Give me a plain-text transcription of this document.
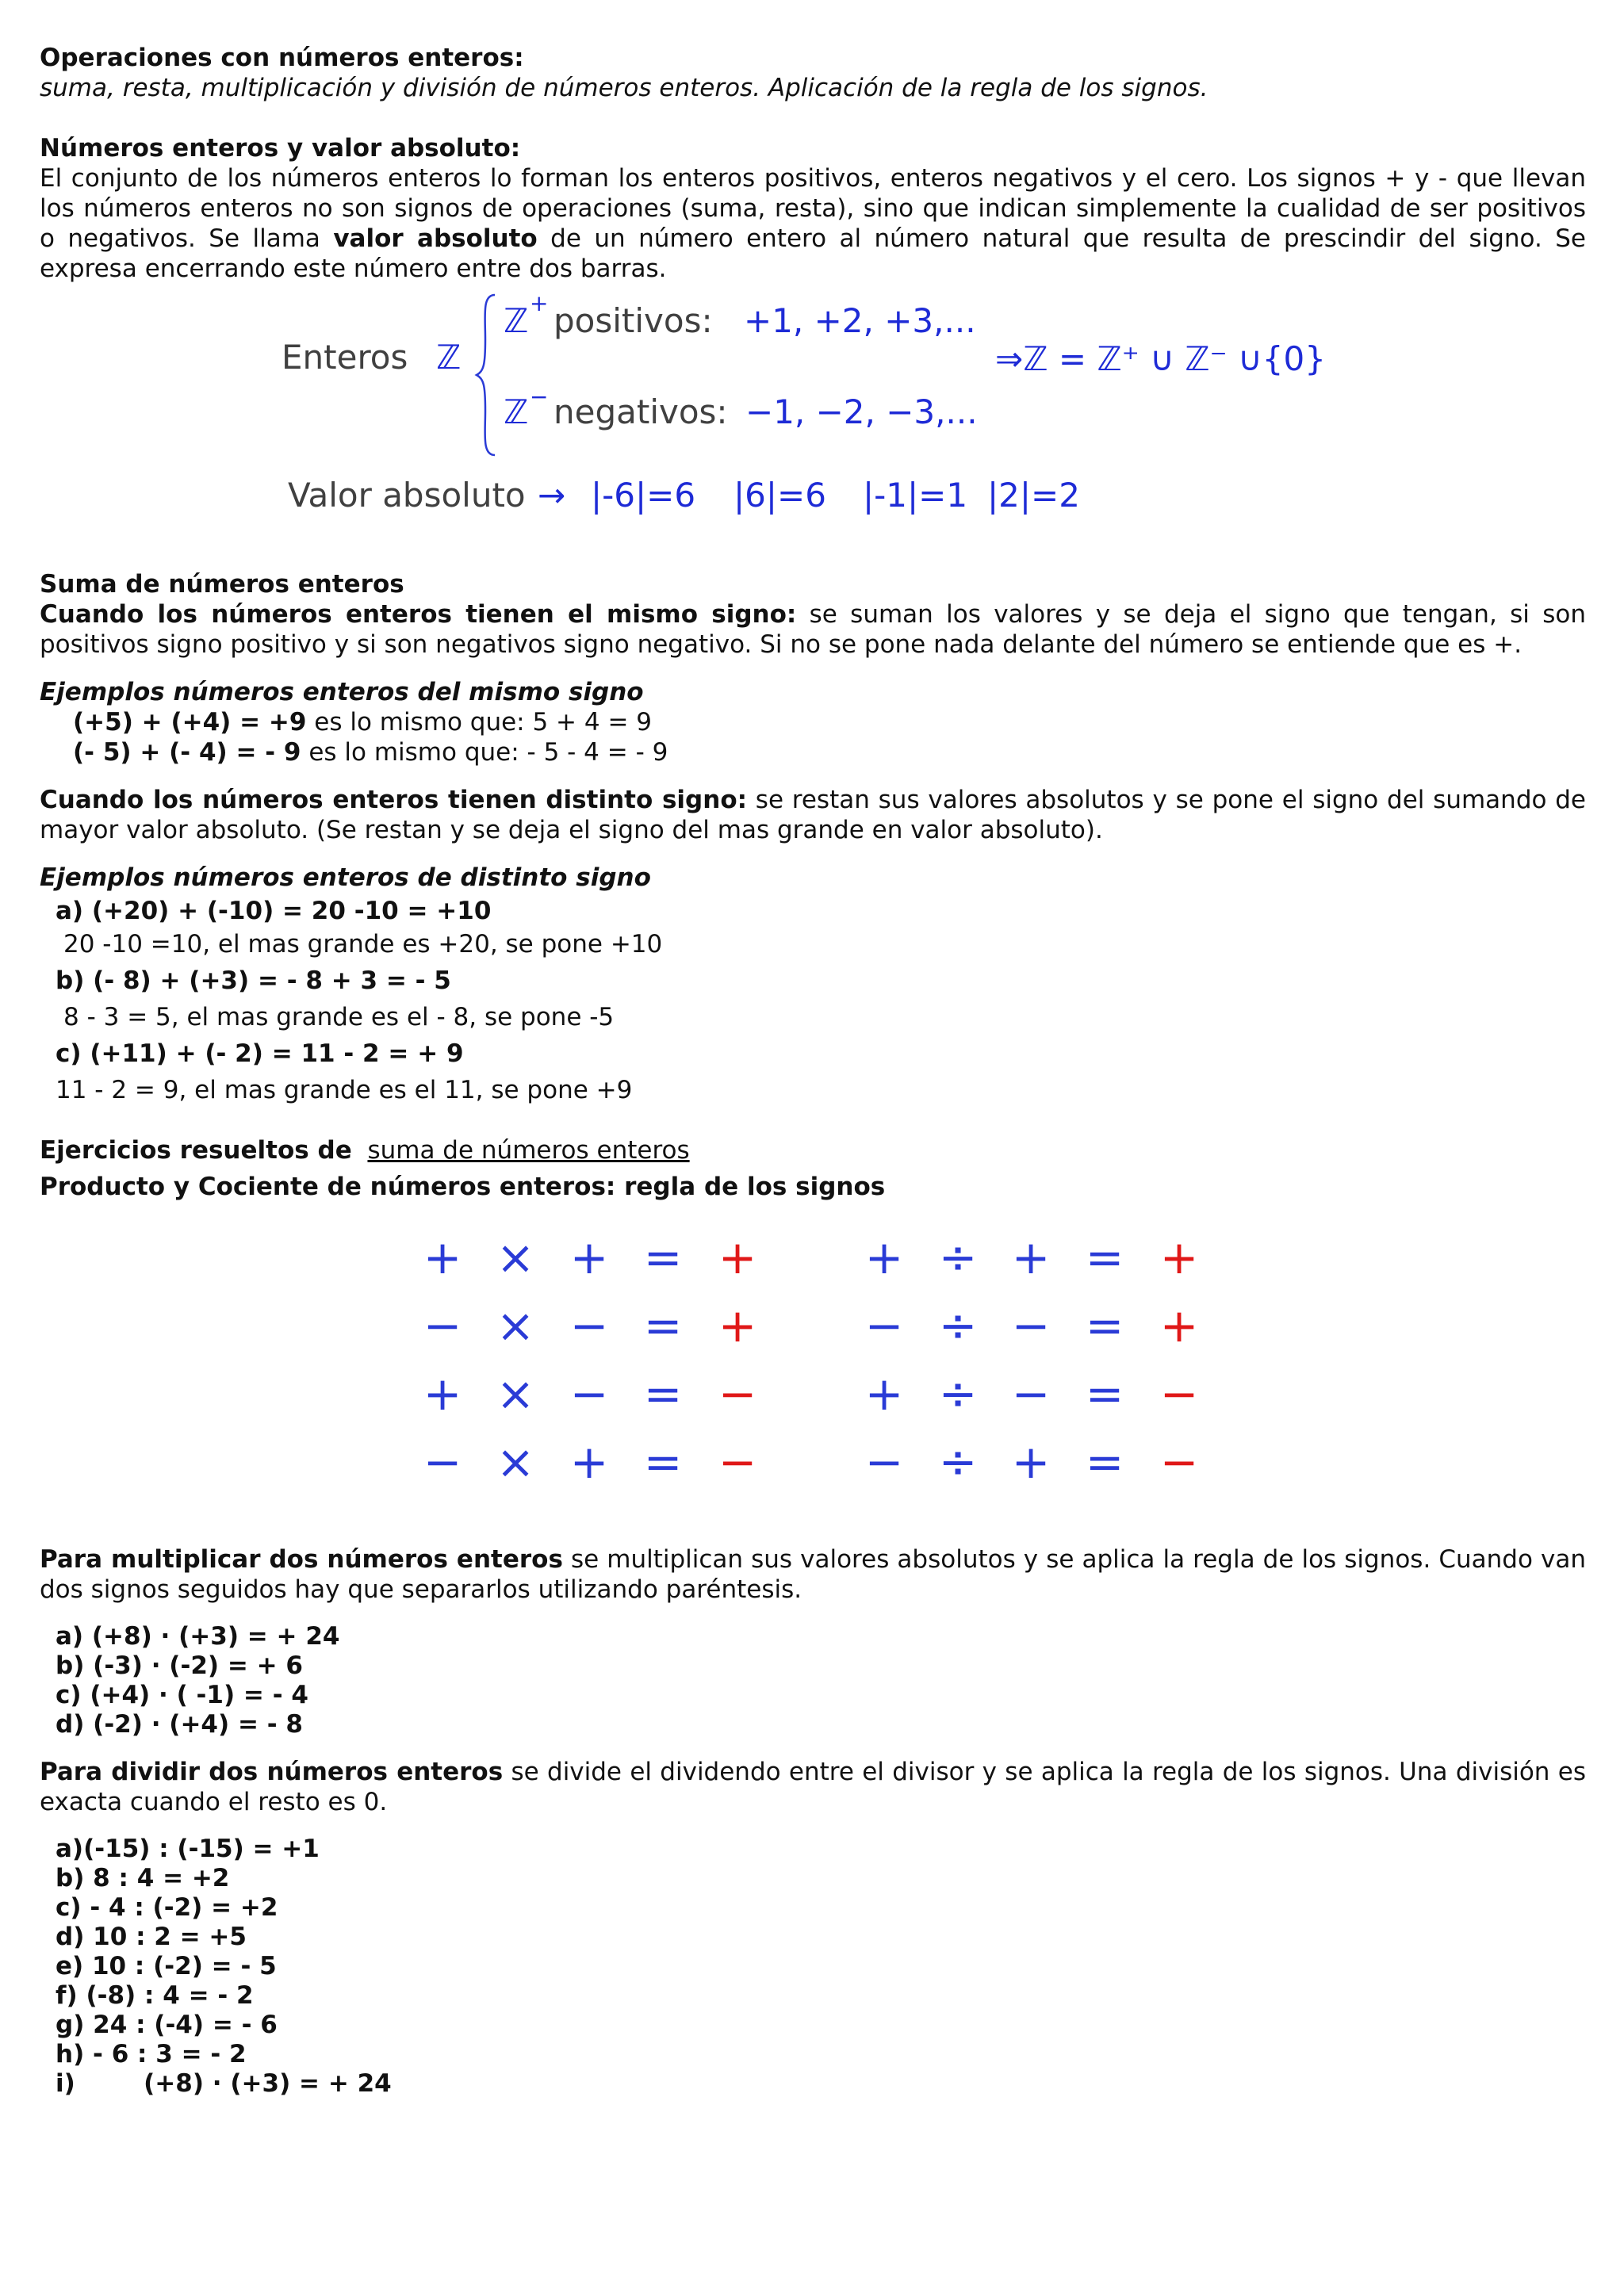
Operaciones con números enteros:

suma, resta, multiplicación y división de números enteros. Aplicación de la regla de los signos.

Números enteros y valor absoluto:

El conjunto de los números enteros lo forman los enteros positivos, enteros negativos y el cero. Los signos + y - que llevan los números enteros no son signos de operaciones (suma, resta), sino que indican simplemente la cualidad de ser positivos o negativos. Se llama valor absoluto de un número entero al número natural que resulta de prescindir del signo. Se expresa encerrando este número entre dos barras.

Enteros ℤ
ℤ + positivos: +1, +2, +3,...
⇒ℤ = ℤ⁺ ∪ ℤ⁻ ∪{0}
ℤ − negativos: −1, −2, −3,...
Valor absoluto → |-6|=6 |6|=6 |-1|=1 |2|=2

Suma de números enteros

Cuando los números enteros tienen el mismo signo: se suman los valores y se deja el signo que tengan, si son positivos signo positivo y si son negativos signo negativo. Si no se pone nada delante del número se entiende que es +.

Ejemplos números enteros del mismo signo

(+5) + (+4) = +9 es lo mismo que: 5 + 4 = 9

(- 5) + (- 4) = - 9 es lo mismo que: - 5 - 4 = - 9

Cuando los números enteros tienen distinto signo: se restan sus valores absolutos y se pone el signo del sumando de mayor valor absoluto. (Se restan y se deja el signo del mas grande en valor absoluto).

Ejemplos números enteros de distinto signo

a) (+20) + (-10) = 20 -10 = +10

20 -10 =10, el mas grande es +20, se pone +10

b) (- 8) + (+3) = - 8 + 3 = - 5

8 - 3 = 5, el mas grande es el - 8, se pone -5

c) (+11) + (- 2) = 11 - 2 = + 9

11 - 2 = 9, el mas grande es el 11, se pone +9

Ejercicios resueltos de suma de números enteros

Producto y Cociente de números enteros: regla de los signos

+ × + = +
− × − = +
+ × − = −
− × + = −
+ ÷ + = +
− ÷ − = +
+ ÷ − = −
− ÷ + = −

Para multiplicar dos números enteros se multiplican sus valores absolutos y se aplica la regla de los signos. Cuando van dos signos seguidos hay que separarlos utilizando paréntesis.

a) (+8) · (+3) = + 24

b) (-3) · (-2) = + 6

c) (+4) · ( -1) = - 4

d) (-2) · (+4) = - 8

Para dividir dos números enteros se divide el dividendo entre el divisor y se aplica la regla de los signos. Una división es exacta cuando el resto es 0.

a)(-15) : (-15) = +1

b) 8 : 4 = +2

c) - 4 : (-2) = +2

d) 10 : 2 = +5

e) 10 : (-2) = - 5

f) (-8) : 4 = - 2

g) 24 : (-4) = - 6

h) - 6 : 3 = - 2

i)        (+8) · (+3) = + 24
